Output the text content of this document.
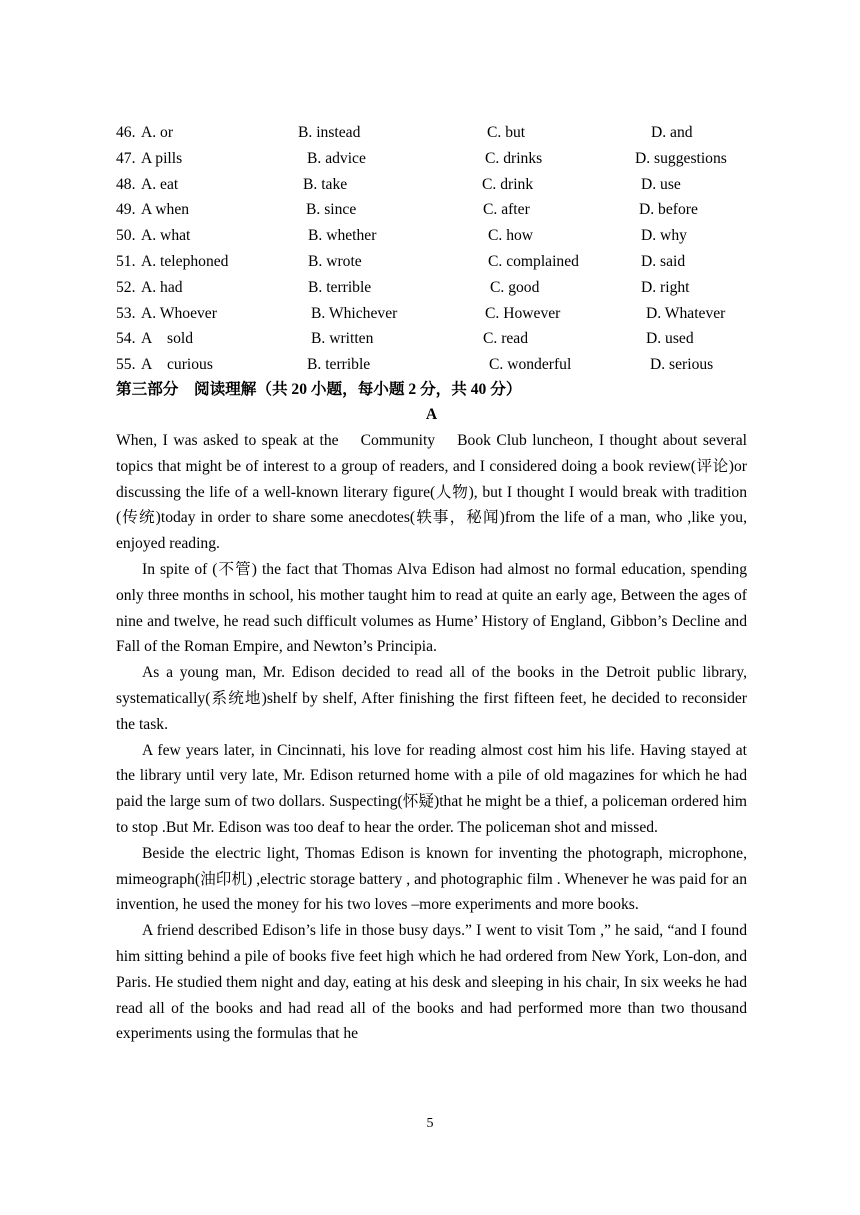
46. A. or	B. instead	C. but	D. and
47. A pills	B. advice	C. drinks	D. suggestions
48. A. eat	B. take	C. drink	D. use
49. A when	B. since	C. after	D. before
50. A. what	B. whether	C. how	D. why
51. A. telephoned	B. wrote	C. complained	D. said
52. A. had	B. terrible	C. good	D. right
53. A. Whoever	B. Whichever	C. However	D. Whatever
54. A    sold	B. written	C. read	D. used
55. A    curious	B. terrible	C. wonderful	D. serious
第三部分　阅读理解（共 20 小题，每小题 2 分，共 40 分）
A

When, I was asked to speak at the    Community    Book Club luncheon, I thought about several topics that might be of interest to a group of readers, and I considered doing a book review(评论)or discussing the life of a well-known literary figure(人物), but I thought I would break with tradition (传统)today in order to share some anecdotes(轶事，秘闻)from the life of a man, who ,like you, enjoyed reading.

In spite of (不管) the fact that Thomas Alva Edison had almost no formal education, spending only three months in school, his mother taught him to read at quite an early age, Between the ages of nine and twelve, he read such difficult volumes as Hume’ History of England, Gibbon’s Decline and Fall of the Roman Empire, and Newton’s Principia.

As a young man, Mr. Edison decided to read all of the books in the Detroit public library, systematically(系统地)shelf by shelf, After finishing the first fifteen feet, he decided to reconsider the task.

A few years later, in Cincinnati, his love for reading almost cost him his life. Having stayed at the library until very late, Mr. Edison returned home with a pile of old magazines for which he had paid the large sum of two dollars. Suspecting(怀疑)that he might be a thief, a policeman ordered him to stop .But Mr. Edison was too deaf to hear the order. The policeman shot and missed.

Beside the electric light, Thomas Edison is known for inventing the photograph, microphone, mimeograph(油印机) ,electric storage battery , and photographic film . Whenever he was paid for an invention, he used the money for his two loves –more experiments and more books.

A friend described Edison’s life in those busy days.” I went to visit Tom ,” he said, “and I found him sitting behind a pile of books five feet high which he had ordered from New York, Lon-don, and Paris. He studied them night and day, eating at his desk and sleeping in his chair, In six weeks he had read all of the books and had read all of the books and had performed more than two thousand experiments using the formulas that he

5
